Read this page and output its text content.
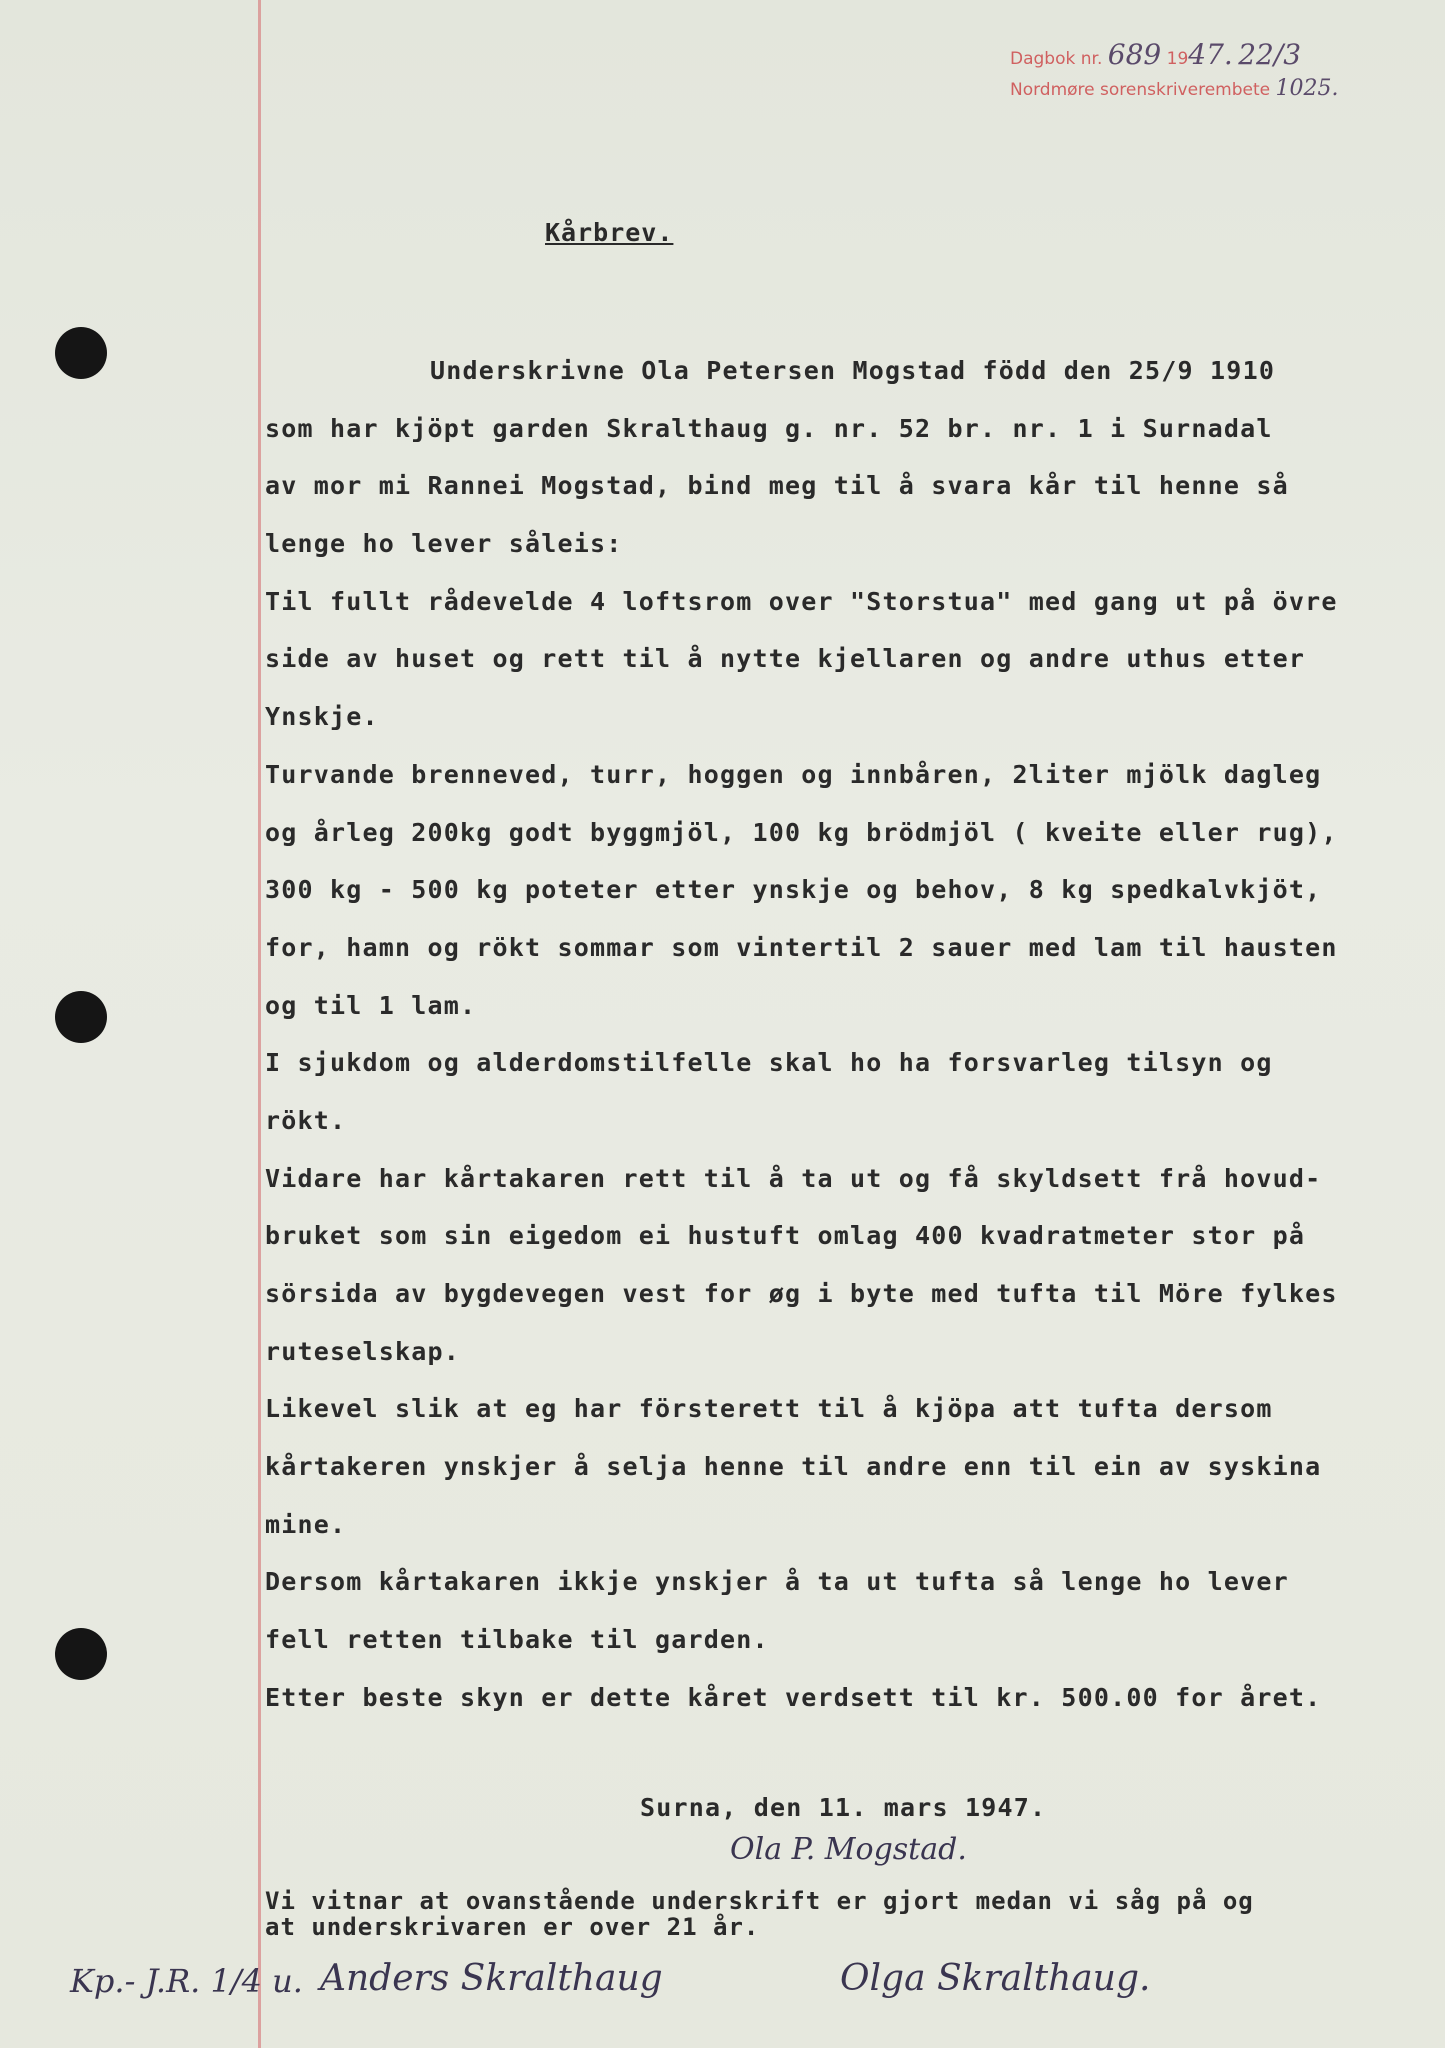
Dagbok nr. 689 1947. 22/3
Nordmøre sorenskriverembete 1025.
Kårbrev.
Underskrivne Ola Petersen Mogstad född den 25/9 1910
som har kjöpt garden Skralthaug g. nr. 52 br. nr. 1 i Surnadal
av mor mi Rannei Mogstad, bind meg til å svara kår til henne så
lenge ho lever såleis:
Til fullt rådevelde 4 loftsrom over "Storstua" med gang ut på övre
side av huset og rett til å nytte kjellaren og andre uthus etter
Ynskje.
Turvande brenneved, turr, hoggen og innbåren, 2liter mjölk dagleg
og årleg 200kg godt byggmjöl, 100 kg brödmjöl ( kveite eller rug),
300 kg - 500 kg poteter etter ynskje og behov, 8 kg spedkalvkjöt,
for, hamn og rökt sommar som vintertil 2 sauer med lam til hausten
og til 1 lam.
I sjukdom og alderdomstilfelle skal ho ha forsvarleg tilsyn og
rökt.
Vidare har kårtakaren rett til å ta ut og få skyldsett frå hovud-
bruket som sin eigedom ei hustuft omlag 400 kvadratmeter stor på
sörsida av bygdevegen vest for øg i byte med tufta til Möre fylkes
ruteselskap.
Likevel slik at eg har försterett til å kjöpa att tufta dersom
kårtakeren ynskjer å selja henne til andre enn til ein av syskina
mine.
Dersom kårtakaren ikkje ynskjer å ta ut tufta så lenge ho lever
fell retten tilbake til garden.
Etter beste skyn er dette kåret verdsett til kr. 500.00 for året.
Surna, den 11. mars 1947.
Ola P. Mogstad.
Vi vitnar at ovanstående underskrift er gjort medan vi såg på og
at underskrivaren er over 21 år.
Kp.- J.R. 1/4 u. Anders Skralthaug	Olga Skralthaug.
